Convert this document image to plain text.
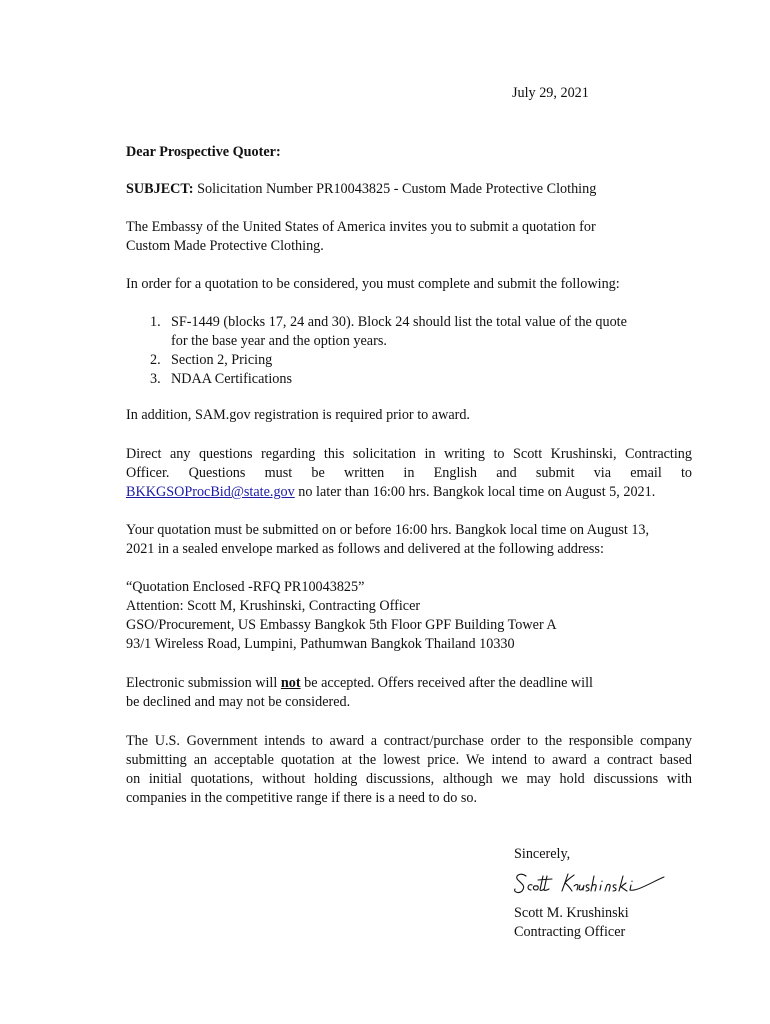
July 29, 2021
Dear Prospective Quoter:
SUBJECT: Solicitation Number PR10043825 - Custom Made Protective Clothing
The Embassy of the United States of America invites you to submit a quotation for
Custom Made Protective Clothing.
In order for a quotation to be considered, you must complete and submit the following:
1. SF-1449 (blocks 17, 24 and 30). Block 24 should list the total value of the quote
for the base year and the option years.
2. Section 2, Pricing
3. NDAA Certifications
In addition, SAM.gov registration is required prior to award.
Direct any questions regarding this solicitation in writing to Scott Krushinski, Contracting
Officer. Questions must be written in English and submit via email to
BKKGSOProcBid@state.gov no later than 16:00 hrs. Bangkok local time on August 5, 2021.
Your quotation must be submitted on or before 16:00 hrs. Bangkok local time on August 13,
2021 in a sealed envelope marked as follows and delivered at the following address:
“Quotation Enclosed -RFQ PR10043825”
Attention: Scott M, Krushinski, Contracting Officer
GSO/Procurement, US Embassy Bangkok 5th Floor GPF Building Tower A
93/1 Wireless Road, Lumpini, Pathumwan Bangkok Thailand 10330
Electronic submission will not be accepted. Offers received after the deadline will
be declined and may not be considered.
The U.S. Government intends to award a contract/purchase order to the responsible company
submitting an acceptable quotation at the lowest price. We intend to award a contract based
on initial quotations, without holding discussions, although we may hold discussions with
companies in the competitive range if there is a need to do so.
Sincerely,
Scott M. Krushinski
Contracting Officer
